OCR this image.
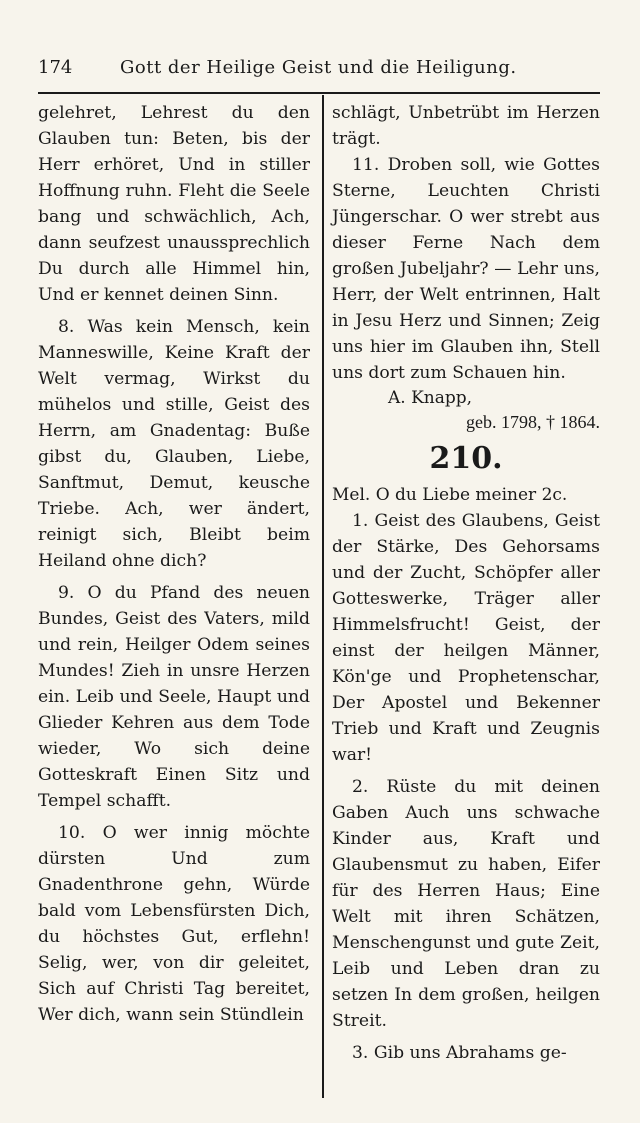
174	Gott der Heilige Geist und die Heiligung.

gelehret, Lehrest du den Glauben tun: Beten, bis der Herr erhöret, Und in stiller Hoffnung ruhn. Fleht die Seele bang und schwächlich, Ach, dann seufzest unaussprechlich Du durch alle Himmel hin, Und er kennet deinen Sinn.

8. Was kein Mensch, kein Manneswille, Keine Kraft der Welt vermag, Wirkst du mühelos und stille, Geist des Herrn, am Gnadentag: Buße gibst du, Glauben, Liebe, Sanftmut, Demut, keusche Triebe. Ach, wer ändert, reinigt sich, Bleibt beim Heiland ohne dich?

9. O du Pfand des neuen Bundes, Geist des Vaters, mild und rein, Heilger Odem seines Mundes! Zieh in unsre Herzen ein. Leib und Seele, Haupt und Glieder Kehren aus dem Tode wieder, Wo sich deine Gotteskraft Einen Sitz und Tempel schafft.

10. O wer innig möchte dürsten Und zum Gnadenthrone gehn, Würde bald vom Lebensfürsten Dich, du höchstes Gut, erflehn! Selig, wer, von dir geleitet, Sich auf Christi Tag bereitet, Wer dich, wann sein Stündlein

schlägt, Unbetrübt im Herzen trägt.

11. Droben soll, wie Gottes Sterne, Leuchten Christi Jüngerschar. O wer strebt aus dieser Ferne Nach dem großen Jubeljahr? — Lehr uns, Herr, der Welt entrinnen, Halt in Jesu Herz und Sinnen; Zeig uns hier im Glauben ihn, Stell uns dort zum Schauen hin.

A. Knapp,
geb. 1798, † 1864.
210.
Mel. O du Liebe meiner 2c.

1. Geist des Glaubens, Geist der Stärke, Des Gehorsams und der Zucht, Schöpfer aller Gotteswerke, Träger aller Himmelsfrucht! Geist, der einst der heilgen Männer, Kön'ge und Prophetenschar, Der Apostel und Bekenner Trieb und Kraft und Zeugnis war!

2. Rüste du mit deinen Gaben Auch uns schwache Kinder aus, Kraft und Glaubensmut zu haben, Eifer für des Herren Haus; Eine Welt mit ihren Schätzen, Menschengunst und gute Zeit, Leib und Leben dran zu setzen In dem großen, heilgen Streit.

3. Gib uns Abrahams ge-
